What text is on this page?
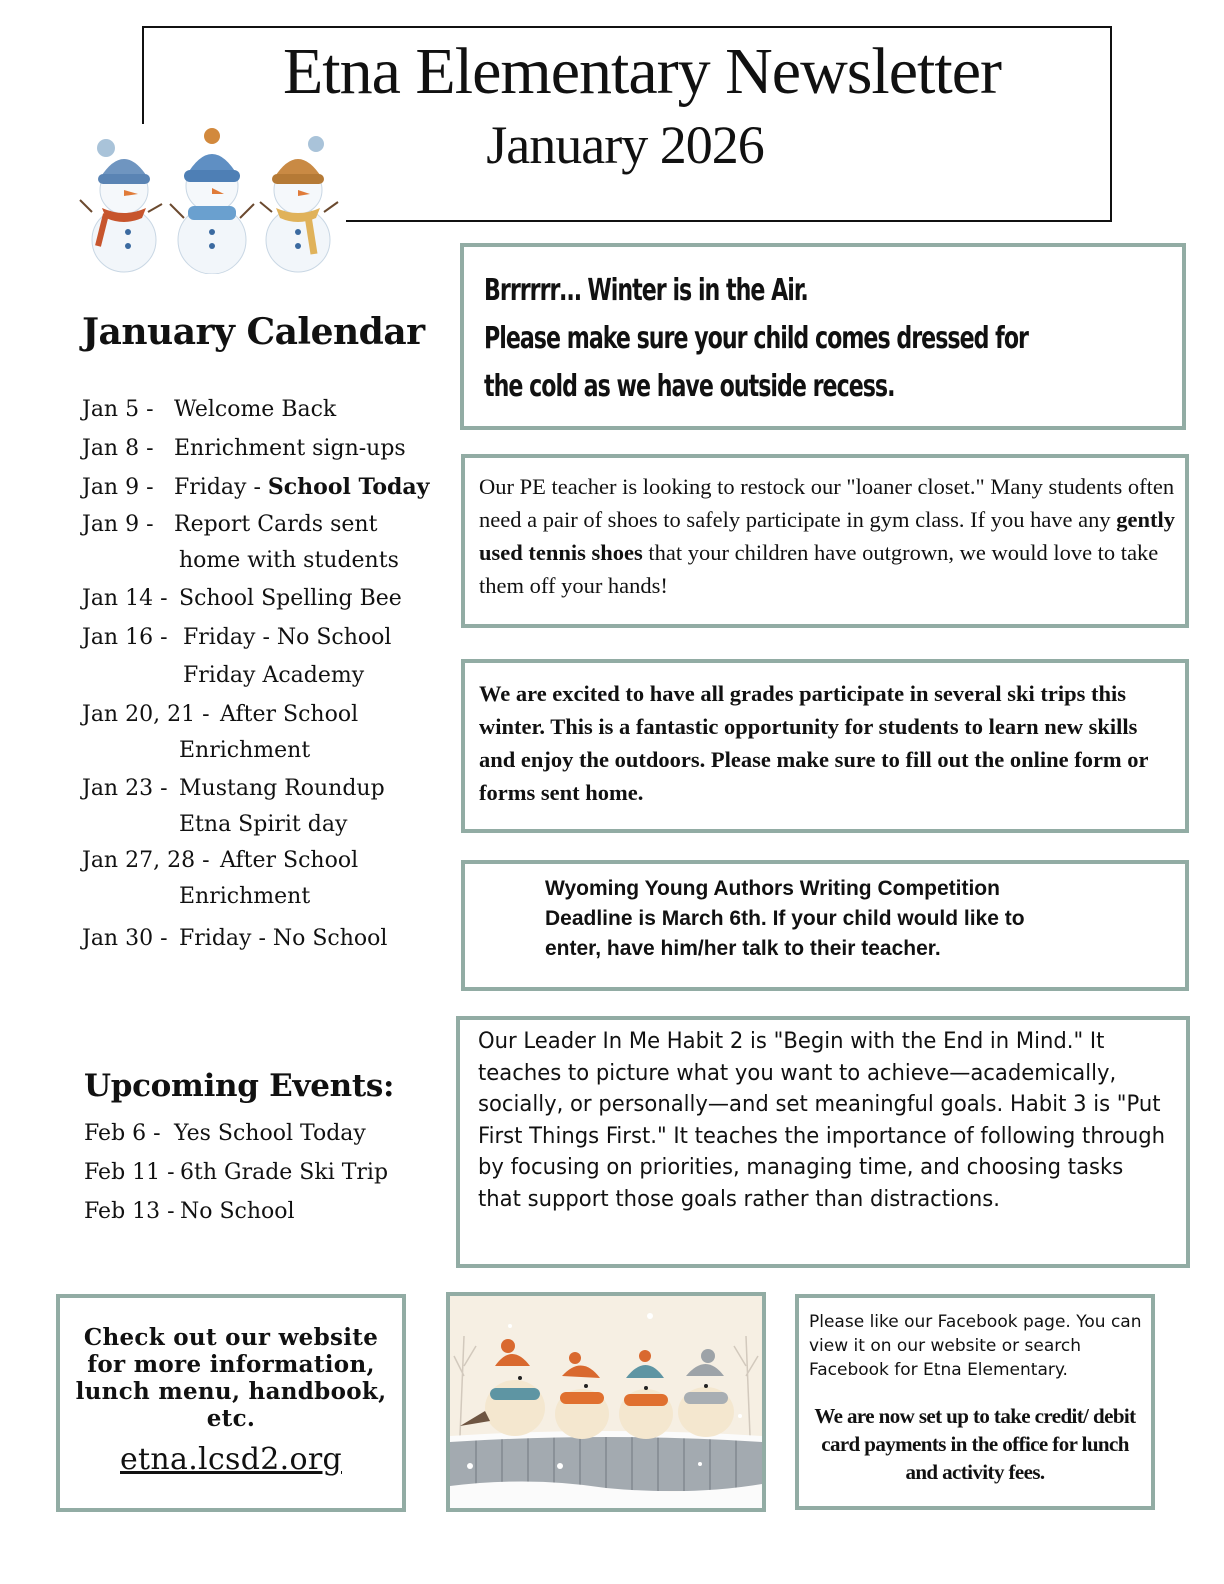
Etna Elementary Newsletter
January 2026
January Calendar
Jan 5 - Welcome Back
Jan 8 - Enrichment sign-ups
Jan 9 - Friday - School Today
Jan 9 - Report Cards sent
home with students
Jan 14 - School Spelling Bee
Jan 16 - Friday - No School
Friday Academy
Jan 20, 21 - After School
Enrichment
Jan 23 - Mustang Roundup
Etna Spirit day
Jan 27, 28 - After School
Enrichment
Jan 30 - Friday - No School
Upcoming Events:
Feb 6 - Yes School Today
Feb 11 - 6th Grade Ski Trip
Feb 13 - No School
Brrrrrr… Winter is in the Air.
Please make sure your child comes dressed for
the cold as we have outside recess.
Our PE teacher is looking to restock our "loaner closet." Many students often need a pair of shoes to safely participate in gym class. If you have any gently used tennis shoes that your children have outgrown, we would love to take them off your hands!
We are excited to have all grades participate in several ski trips this winter. This is a fantastic opportunity for students to learn new skills and enjoy the outdoors. Please make sure to fill out the online form or forms sent home.
Wyoming Young Authors Writing Competition
Deadline is March 6th. If your child would like to
enter, have him/her talk to their teacher.
Our Leader In Me Habit 2 is "Begin with the End in Mind." It teaches to picture what you want to achieve—academically, socially, or personally—and set meaningful goals. Habit 3 is "Put First Things First." It teaches the importance of following through by focusing on priorities, managing time, and choosing tasks that support those goals rather than distractions.
Check out our website for more information, lunch menu, handbook, etc.
etna.lcsd2.org
Please like our Facebook page. You can view it on our website or search Facebook for Etna Elementary.
We are now set up to take credit/ debit card payments in the office for lunch and activity fees.
